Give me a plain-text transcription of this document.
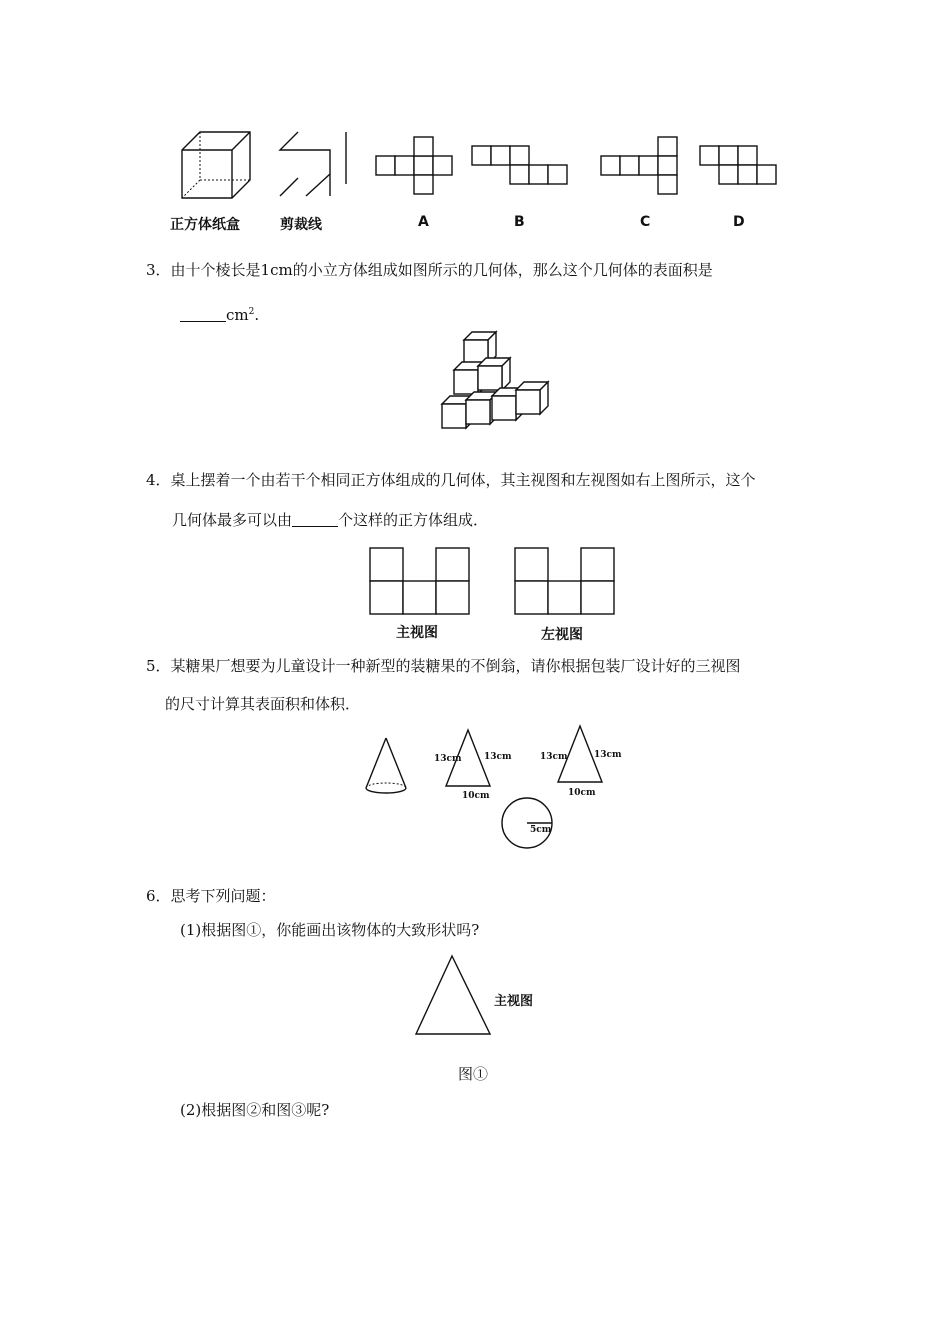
正方体纸盒	剪裁线	A	B	C	D
3．由十个棱长是1cm的小立方体组成如图所示的几何体，那么这个几何体的表面积是
$cm^2$.
4．桌上摆着一个由若干个相同正方体组成的几何体，其主视图和左视图如右上图所示，这个
几何体最多可以由	个这样的正方体组成．
主视图	左视图
5．某糖果厂想要为儿童设计一种新型的装糖果的不倒翁，请你根据包装厂设计好的三视图
的尺寸计算其表面积和体积．
13cm 13cm
10cm
13cm	13cm
10cm
5cm
6．思考下列问题：
(1)根据图①，你能画出该物体的大致形状吗?
主视图
图①
(2)根据图②和图③呢?
